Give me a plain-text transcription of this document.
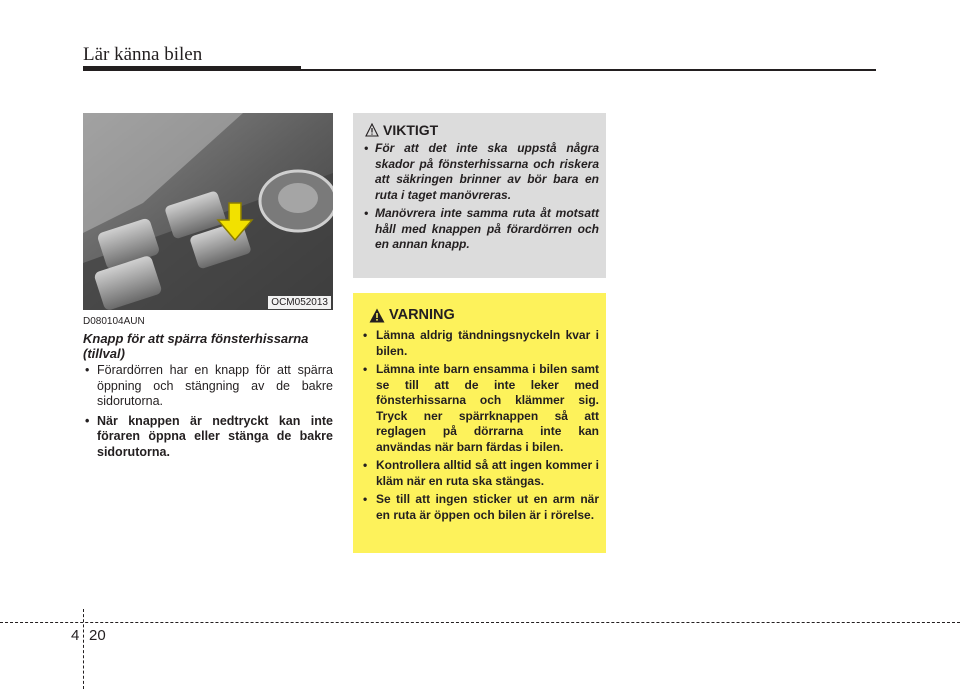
Lär känna bilen
OCM052013
D080104AUN
Knapp för att spärra fönsterhissarna (tillval)
• Förardörren har en knapp för att spärra öppning och stängning av de bakre sidorutorna.
• När knappen är nedtryckt kan inte föraren öppna eller stänga de bakre sidorutorna.
VIKTIGT
• För att det inte ska uppstå några skador på fönsterhissarna och riskera att säkringen brinner av bör bara en ruta i taget manövreras.
• Manövrera inte samma ruta åt motsatt håll med knappen på förardörren och en annan knapp.
VARNING
• Lämna aldrig tändningsnyckeln kvar i bilen.
• Lämna inte barn ensamma i bilen samt se till att de inte leker med fönsterhissarna och klämmer sig. Tryck ner spärrknappen så att reglagen på dörrarna inte kan användas när barn färdas i bilen.
• Kontrollera alltid så att ingen kommer i kläm när en ruta ska stängas.
• Se till att ingen sticker ut en arm när en ruta är öppen och bilen är i rörelse.
4 20
